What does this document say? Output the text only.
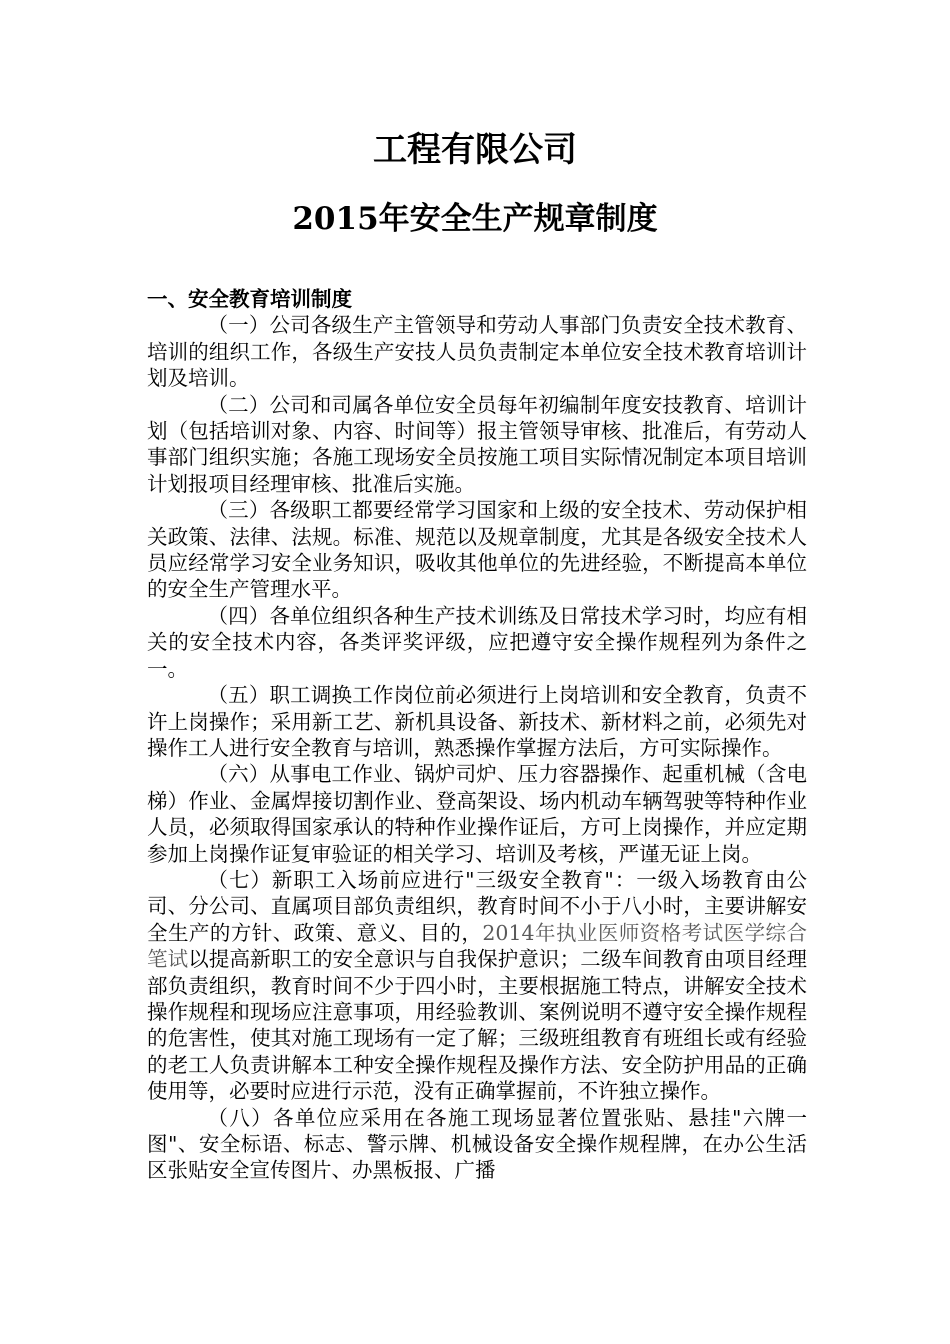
工程有限公司
2015年安全生产规章制度

一、安全教育培训制度

（一）公司各级生产主管领导和劳动人事部门负责安全技术教育、培训的组织工作，各级生产安技人员负责制定本单位安全技术教育培训计划及培训。

（二）公司和司属各单位安全员每年初编制年度安技教育、培训计划（包括培训对象、内容、时间等）报主管领导审核、批准后，有劳动人事部门组织实施；各施工现场安全员按施工项目实际情况制定本项目培训计划报项目经理审核、批准后实施。

（三）各级职工都要经常学习国家和上级的安全技术、劳动保护相关政策、法律、法规。标准、规范以及规章制度，尤其是各级安全技术人员应经常学习安全业务知识，吸收其他单位的先进经验，不断提高本单位的安全生产管理水平。

（四）各单位组织各种生产技术训练及日常技术学习时，均应有相关的安全技术内容，各类评奖评级，应把遵守安全操作规程列为条件之一。

（五）职工调换工作岗位前必须进行上岗培训和安全教育，负责不许上岗操作；采用新工艺、新机具设备、新技术、新材料之前，必须先对操作工人进行安全教育与培训，熟悉操作掌握方法后，方可实际操作。

（六）从事电工作业、锅炉司炉、压力容器操作、起重机械（含电梯）作业、金属焊接切割作业、登高架设、场内机动车辆驾驶等特种作业人员，必须取得国家承认的特种作业操作证后，方可上岗操作，并应定期参加上岗操作证复审验证的相关学习、培训及考核，严谨无证上岗。

（七）新职工入场前应进行"三级安全教育"：一级入场教育由公司、分公司、直属项目部负责组织，教育时间不小于八小时，主要讲解安全生产的方针、政策、意义、目的，2014年执业医师资格考试医学综合笔试以提高新职工的安全意识与自我保护意识；二级车间教育由项目经理部负责组织，教育时间不少于四小时，主要根据施工特点，讲解安全技术操作规程和现场应注意事项，用经验教训、案例说明不遵守安全操作规程的危害性，使其对施工现场有一定了解；三级班组教育有班组长或有经验的老工人负责讲解本工种安全操作规程及操作方法、安全防护用品的正确使用等，必要时应进行示范，没有正确掌握前，不许独立操作。

（八）各单位应采用在各施工现场显著位置张贴、悬挂"六牌一图"、安全标语、标志、警示牌、机械设备安全操作规程牌，在办公生活区张贴安全宣传图片、办黑板报、广播
